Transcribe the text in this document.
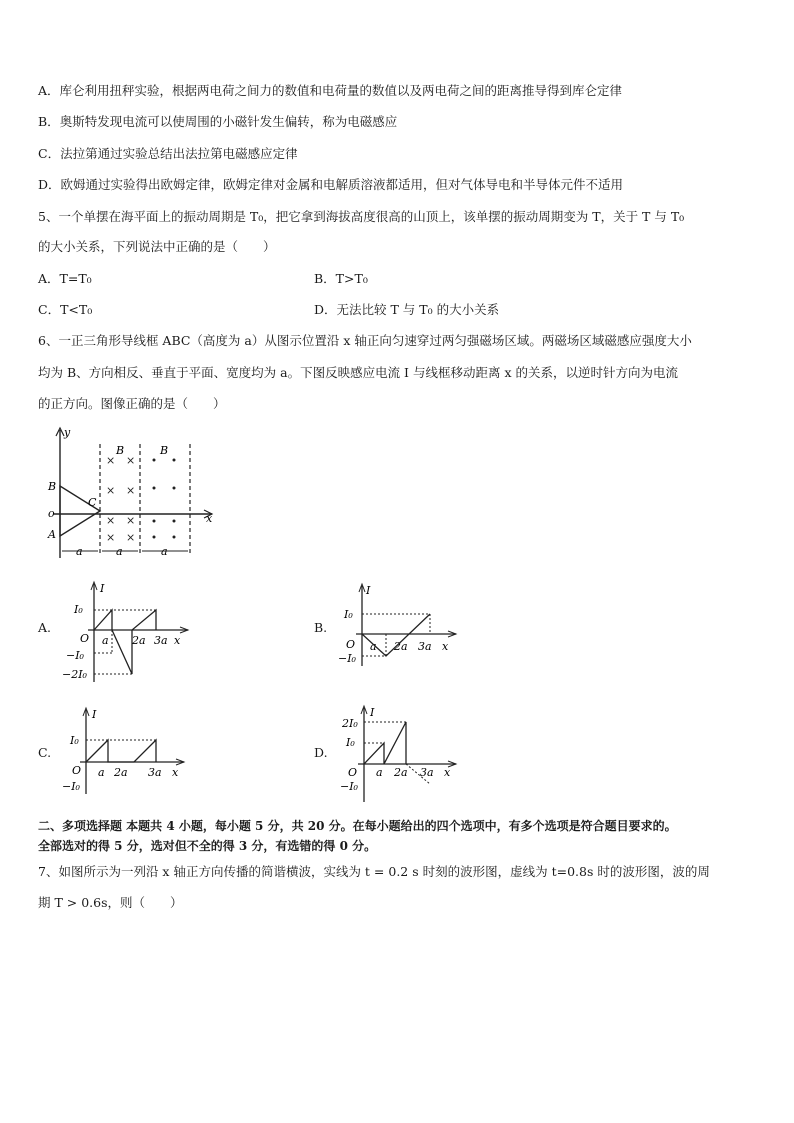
A．库仑利用扭秤实验，根据两电荷之间力的数值和电荷量的数值以及两电荷之间的距离推导得到库仑定律
B．奥斯特发现电流可以使周围的小磁针发生偏转，称为电磁感应
C．法拉第通过实验总结出法拉第电磁感应定律
D．欧姆通过实验得出欧姆定律，欧姆定律对金属和电解质溶液都适用，但对气体导电和半导体元件不适用
5、一个单摆在海平面上的振动周期是 T₀，把它拿到海拔高度很高的山顶上，该单摆的振动周期变为 T，关于 T 与 T₀
的大小关系，下列说法中正确的是（　　）
A．T=T₀	B．T>T₀
C．T<T₀	D．无法比较 T 与 T₀ 的大小关系
6、一正三角形导线框 ABC（高度为 a）从图示位置沿 x 轴正向匀速穿过两匀强磁场区域。两磁场区域磁感应强度大小
均为 B、方向相反、垂直于平面、宽度均为 a。下图反映感应电流 I 与线框移动距离 x 的关系，以逆时针方向为电流
的正方向。图像正确的是（　　）
y
x
B
A
C
o
× ×
× ×
× ×
× ×
B	B
a	a	a
A.
I
x
O
I₀
−I₀
−2I₀
a 2a 3a
B.
I
x
O
I₀
−I₀
a 2a 3a
C.
I
x
O
I₀
−I₀
a 2a 3a
D.
I
x
O
2I₀
I₀
−I₀
a 2a 3a
二、多项选择题 本题共 4 小题，每小题 5 分，共 20 分。在每小题给出的四个选项中，有多个选项是符合题目要求的。
全部选对的得 5 分，选对但不全的得 3 分，有选错的得 0 分。
7、如图所示为一列沿 x 轴正方向传播的简谐横波，实线为 t = 0.2 s 时刻的波形图，虚线为 t=0.8s 时的波形图，波的周
期 T > 0.6s，则（　　）
